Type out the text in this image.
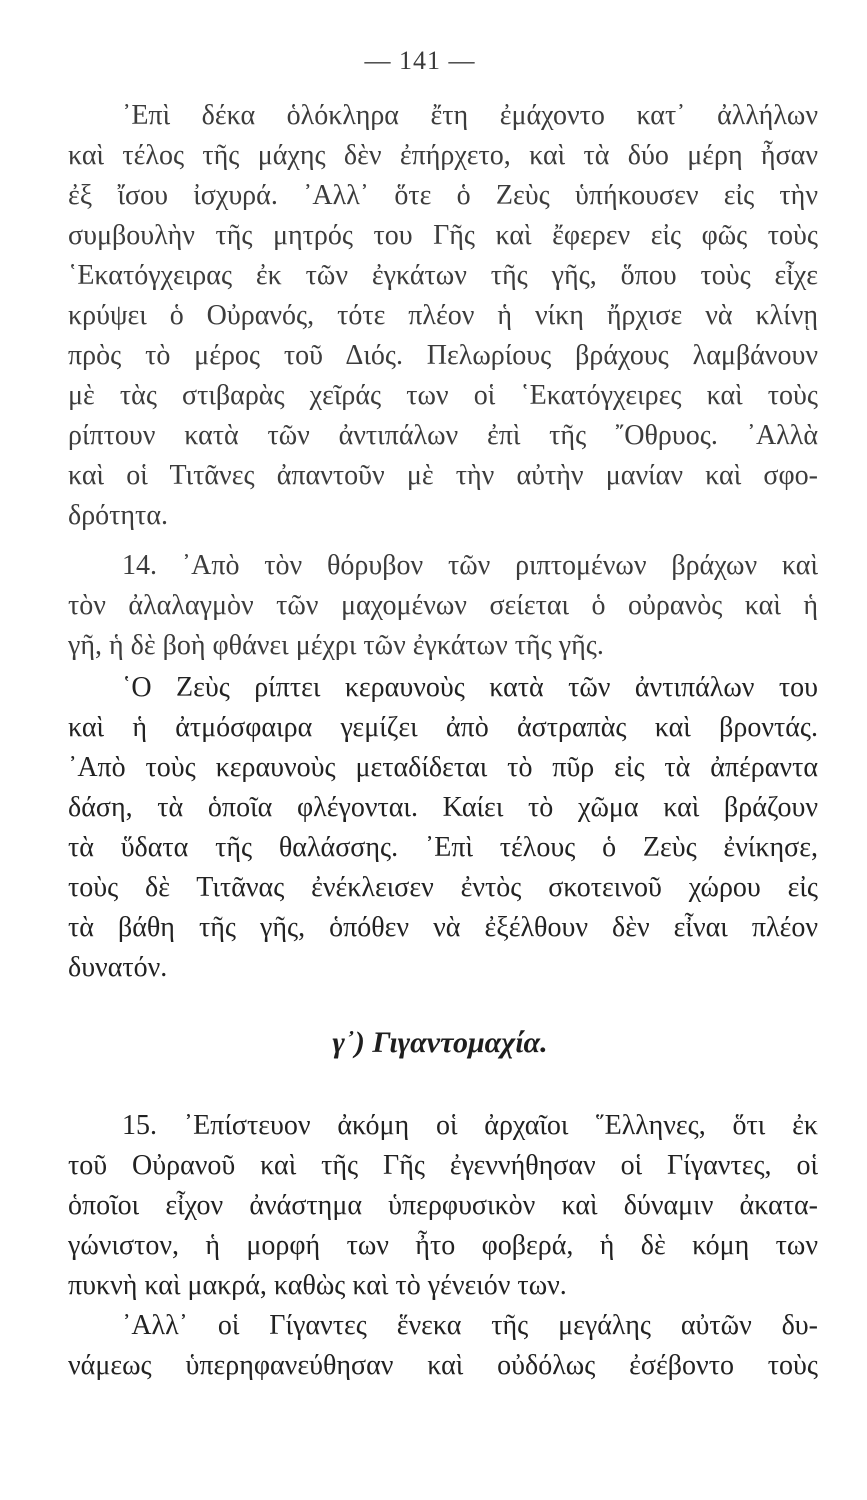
— 141 —
᾿Επὶ δέκα ὁλόκληρα ἔτη ἐμάχοντο κατ᾿ ἀλλήλων
καὶ τέλος τῆς μάχης δὲν ἐπήρχετο, καὶ τὰ δύο μέρη ἦσαν
ἐξ ἴσου ἰσχυρά. ᾿Αλλ᾿ ὅτε ὁ Ζεὺς ὑπήκουσεν εἰς τὴν
συμβουλὴν τῆς μητρός του Γῆς καὶ ἔφερεν εἰς φῶς τοὺς
῾Εκατόγχειρας ἐκ τῶν ἐγκάτων τῆς γῆς, ὅπου τοὺς εἶχε
κρύψει ὁ Οὐρανός, τότε πλέον ἡ νίκη ἤρχισε νὰ κλίνῃ
πρὸς τὸ μέρος τοῦ Διός. Πελωρίους βράχους λαμβάνουν
μὲ τὰς στιβαρὰς χεῖράς των οἱ ῾Εκατόγχειρες καὶ τοὺς
ρίπτουν κατὰ τῶν ἀντιπάλων ἐπὶ τῆς ῎Οθρυος. ᾿Αλλὰ
καὶ οἱ Τιτᾶνες ἀπαντοῦν μὲ τὴν αὐτὴν μανίαν καὶ σφο-
δρότητα.
14. ᾿Απὸ τὸν θόρυβον τῶν ριπτομένων βράχων καὶ
τὸν ἀλαλαγμὸν τῶν μαχομένων σείεται ὁ οὐρανὸς καὶ ἡ
γῆ, ἡ δὲ βοὴ φθάνει μέχρι τῶν ἐγκάτων τῆς γῆς.
῾Ο Ζεὺς ρίπτει κεραυνοὺς κατὰ τῶν ἀντιπάλων του
καὶ ἡ ἀτμόσφαιρα γεμίζει ἀπὸ ἀστραπὰς καὶ βροντάς.
᾿Απὸ τοὺς κεραυνοὺς μεταδίδεται τὸ πῦρ εἰς τὰ ἀπέραντα
δάση, τὰ ὁποῖα φλέγονται. Καίει τὸ χῶμα καὶ βράζουν
τὰ ὕδατα τῆς θαλάσσης. ᾿Επὶ τέλους ὁ Ζεὺς ἐνίκησε,
τοὺς δὲ Τιτᾶνας ἐνέκλεισεν ἐντὸς σκοτεινοῦ χώρου εἰς
τὰ βάθη τῆς γῆς, ὁπόθεν νὰ ἐξέλθουν δὲν εἶναι πλέον
δυνατόν.
γ᾿) Γιγαντομαχία.
15. ᾿Επίστευον ἀκόμη οἱ ἀρχαῖοι ῞Ελληνες, ὅτι ἐκ
τοῦ Οὐρανοῦ καὶ τῆς Γῆς ἐγεννήθησαν οἱ Γίγαντες, οἱ
ὁποῖοι εἶχον ἀνάστημα ὑπερφυσικὸν καὶ δύναμιν ἀκατα-
γώνιστον, ἡ μορφή των ἦτο φοβερά, ἡ δὲ κόμη των
πυκνὴ καὶ μακρά, καθὼς καὶ τὸ γένειόν των.
᾿Αλλ᾿ οἱ Γίγαντες ἕνεκα τῆς μεγάλης αὐτῶν δυ-
νάμεως ὑπερηφανεύθησαν καὶ οὐδόλως ἐσέβοντο τοὺς
